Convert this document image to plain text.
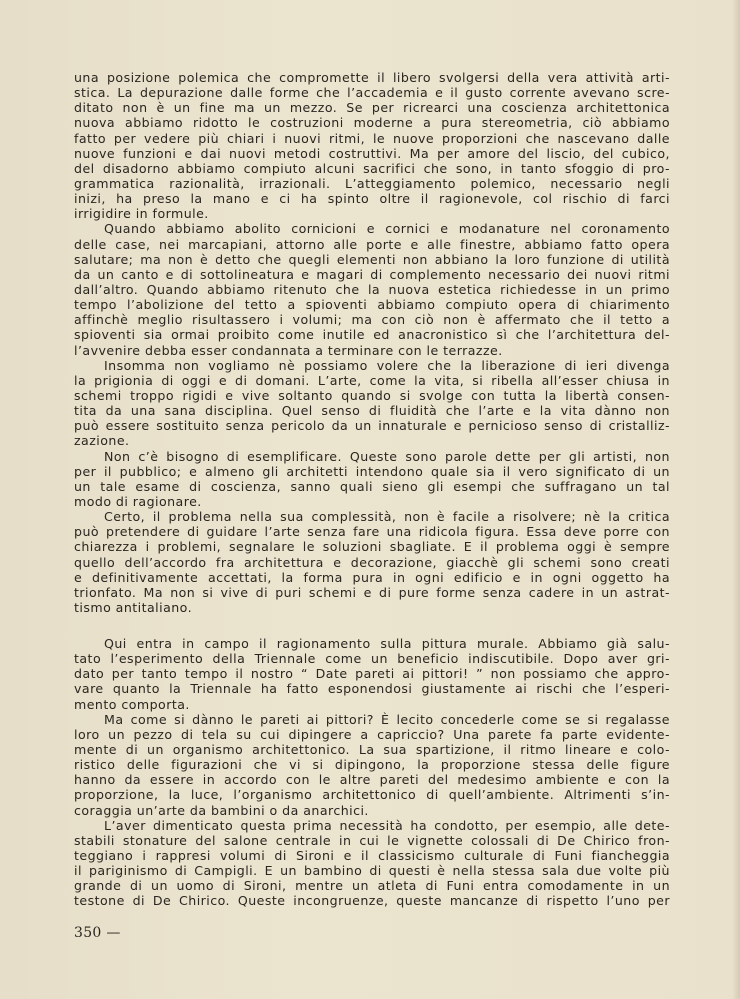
una posizione polemica che compromette il libero svolgersi della vera attività arti-
stica. La depurazione dalle forme che l’accademia e il gusto corrente avevano scre-
ditato non è un fine ma un mezzo. Se per ricrearci una coscienza architettonica
nuova abbiamo ridotto le costruzioni moderne a pura stereometria, ciò abbiamo
fatto per vedere più chiari i nuovi ritmi, le nuove proporzioni che nascevano dalle
nuove funzioni e dai nuovi metodi costruttivi. Ma per amore del liscio, del cubico,
del disadorno abbiamo compiuto alcuni sacrifici che sono, in tanto sfoggio di pro-
grammatica razionalità, irrazionali. L’atteggiamento polemico, necessario negli
inizi, ha preso la mano e ci ha spinto oltre il ragionevole, col rischio di farci
irrigidire in formule.
Quando abbiamo abolito cornicioni e cornici e modanature nel coronamento
delle case, nei marcapiani, attorno alle porte e alle finestre, abbiamo fatto opera
salutare; ma non è detto che quegli elementi non abbiano la loro funzione di utilità
da un canto e di sottolineatura e magari di complemento necessario dei nuovi ritmi
dall’altro. Quando abbiamo ritenuto che la nuova estetica richiedesse in un primo
tempo l’abolizione del tetto a spioventi abbiamo compiuto opera di chiarimento
affinchè meglio risultassero i volumi; ma con ciò non è affermato che il tetto a
spioventi sia ormai proibito come inutile ed anacronistico sì che l’architettura del-
l’avvenire debba esser condannata a terminare con le terrazze.
Insomma non vogliamo nè possiamo volere che la liberazione di ieri divenga
la prigionia di oggi e di domani. L’arte, come la vita, si ribella all’esser chiusa in
schemi troppo rigidi e vive soltanto quando si svolge con tutta la libertà consen-
tita da una sana disciplina. Quel senso di fluidità che l’arte e la vita dànno non
può essere sostituito senza pericolo da un innaturale e pernicioso senso di cristalliz-
zazione.
Non c’è bisogno di esemplificare. Queste sono parole dette per gli artisti, non
per il pubblico; e almeno gli architetti intendono quale sia il vero significato di un
un tale esame di coscienza, sanno quali sieno gli esempi che suffragano un tal
modo di ragionare.
Certo, il problema nella sua complessità, non è facile a risolvere; nè la critica
può pretendere di guidare l’arte senza fare una ridicola figura. Essa deve porre con
chiarezza i problemi, segnalare le soluzioni sbagliate. E il problema oggi è sempre
quello dell’accordo fra architettura e decorazione, giacchè gli schemi sono creati
e definitivamente accettati, la forma pura in ogni edificio e in ogni oggetto ha
trionfato. Ma non si vive di puri schemi e di pure forme senza cadere in un astrat-
tismo antitaliano.
Qui entra in campo il ragionamento sulla pittura murale. Abbiamo già salu-
tato l’esperimento della Triennale come un beneficio indiscutibile. Dopo aver gri-
dato per tanto tempo il nostro “ Date pareti ai pittori! ” non possiamo che appro-
vare quanto la Triennale ha fatto esponendosi giustamente ai rischi che l’esperi-
mento comporta.
Ma come si dànno le pareti ai pittori? È lecito concederle come se si regalasse
loro un pezzo di tela su cui dipingere a capriccio? Una parete fa parte evidente-
mente di un organismo architettonico. La sua spartizione, il ritmo lineare e colo-
ristico delle figurazioni che vi si dipingono, la proporzione stessa delle figure
hanno da essere in accordo con le altre pareti del medesimo ambiente e con la
proporzione, la luce, l’organismo architettonico di quell’ambiente. Altrimenti s’in-
coraggia un’arte da bambini o da anarchici.
L’aver dimenticato questa prima necessità ha condotto, per esempio, alle dete-
stabili stonature del salone centrale in cui le vignette colossali di De Chirico fron-
teggiano i rappresi volumi di Sironi e il classicismo culturale di Funi fiancheggia
il pariginismo di Campigli. E un bambino di questi è nella stessa sala due volte più
grande di un uomo di Sironi, mentre un atleta di Funi entra comodamente in un
testone di De Chirico. Queste incongruenze, queste mancanze di rispetto l’uno per
350 —
